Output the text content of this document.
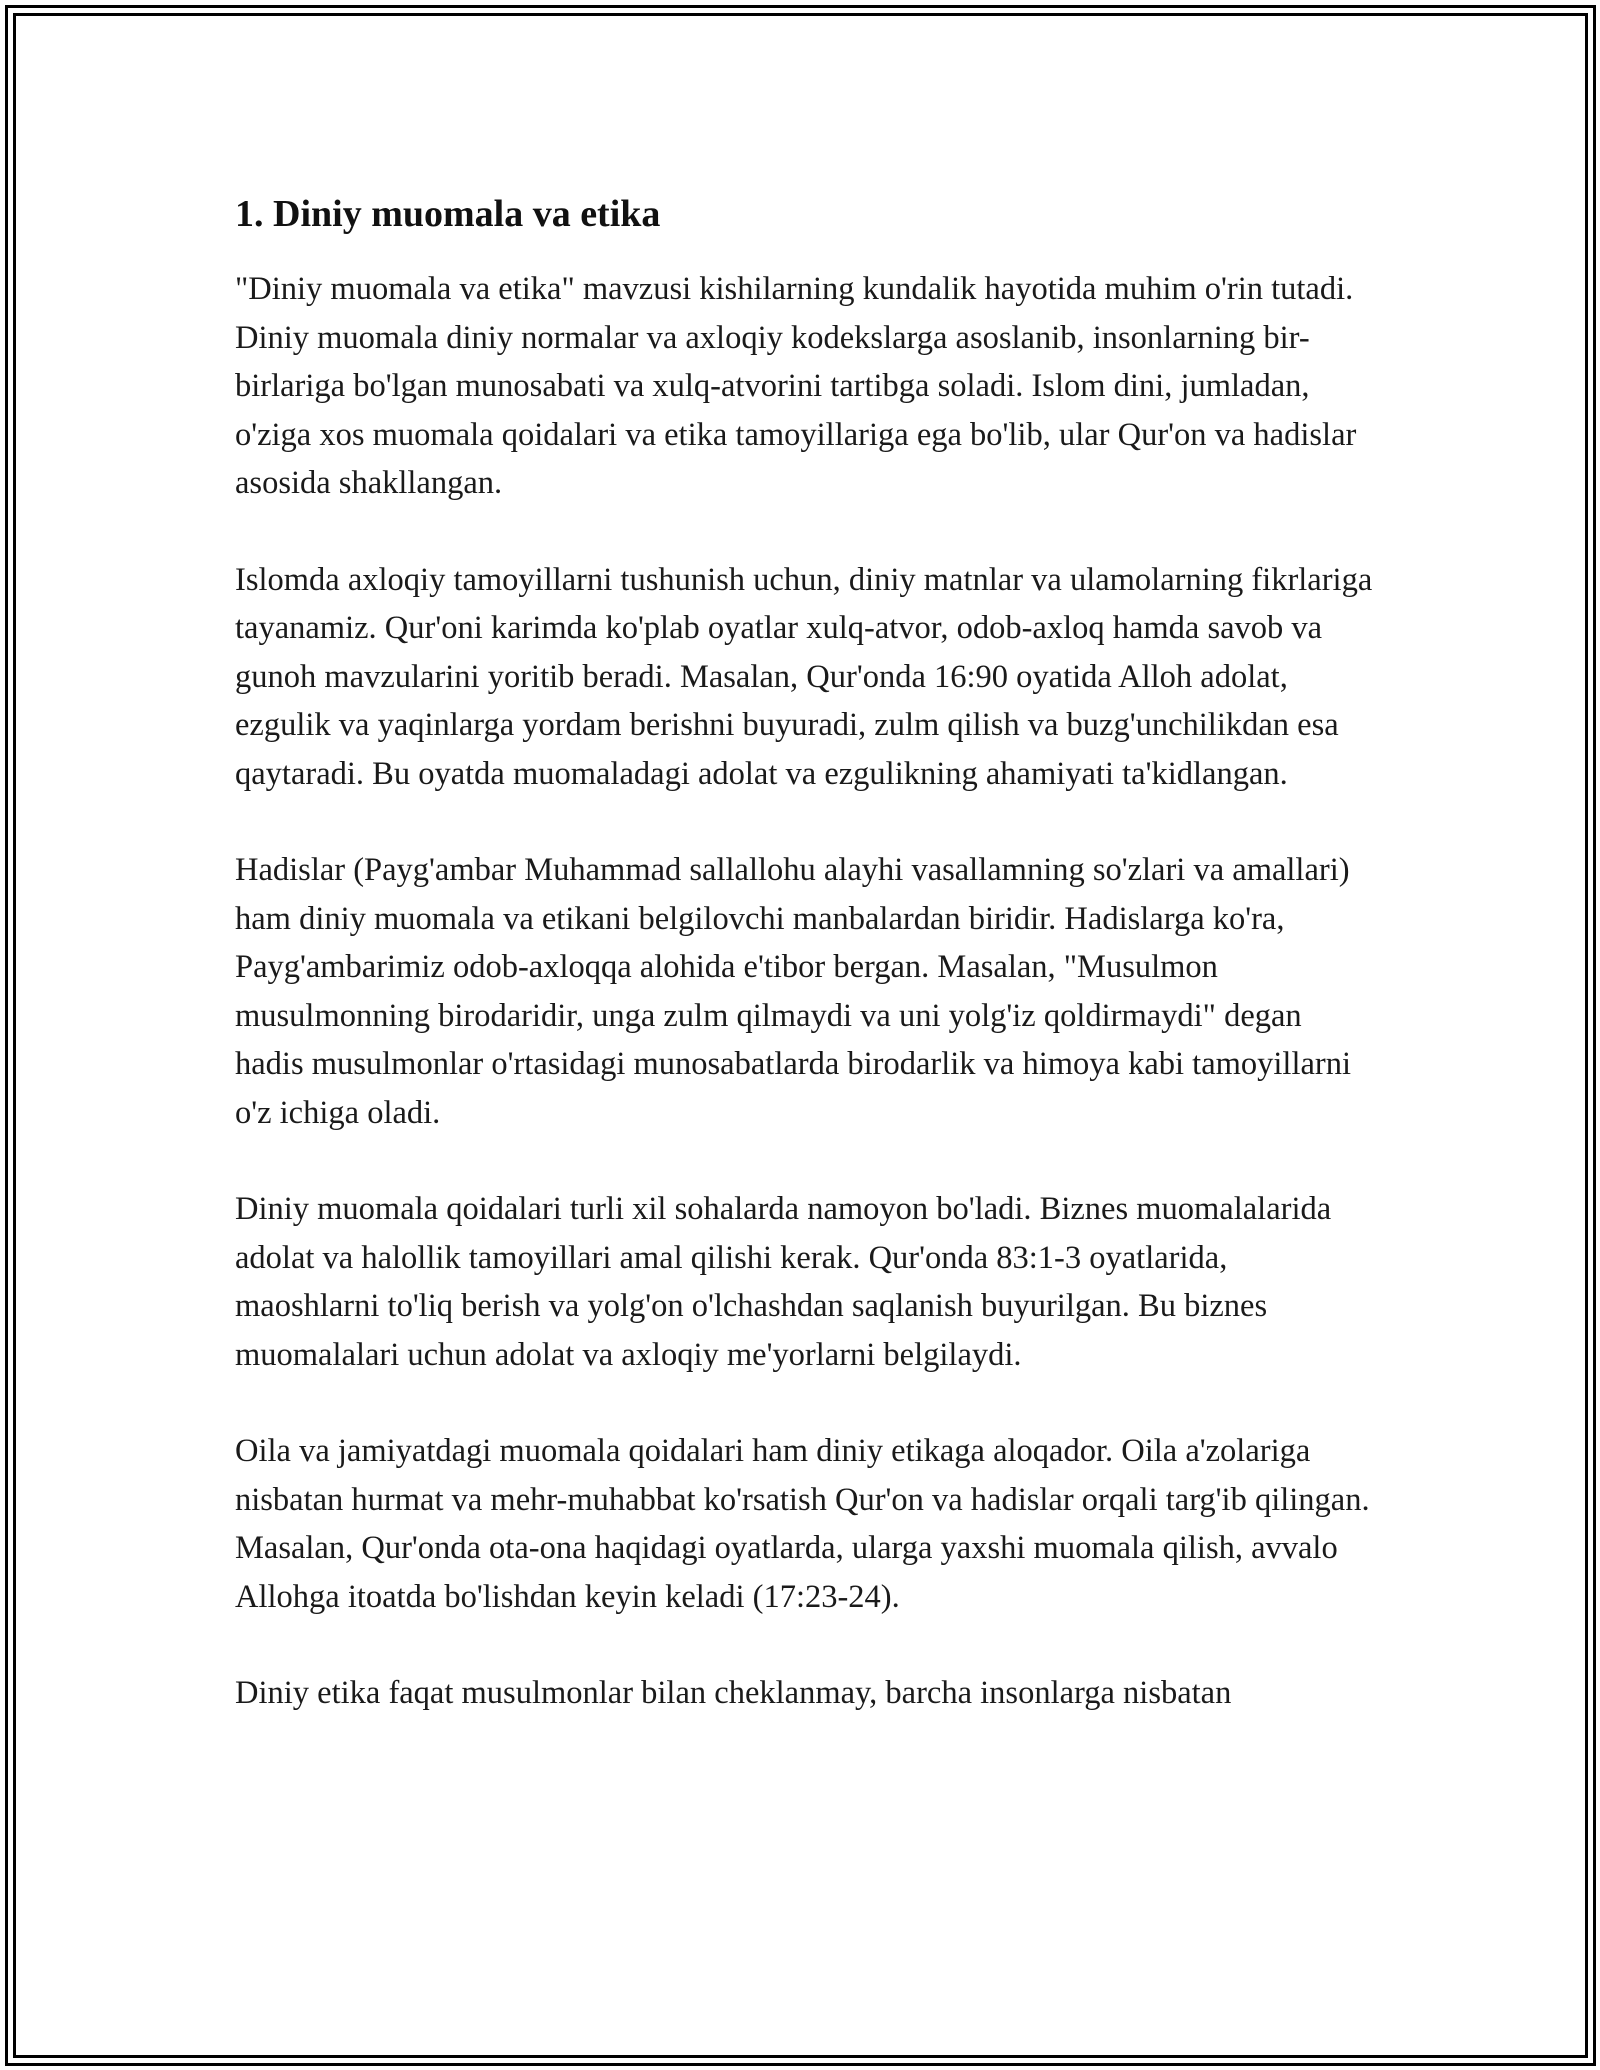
1. Diniy muomala va etika

"Diniy muomala va etika" mavzusi kishilarning kundalik hayotida muhim o'rin tutadi. Diniy muomala diniy normalar va axloqiy kodekslarga asoslanib, insonlarning bir-birlariga bo'lgan munosabati va xulq-atvorini tartibga soladi. Islom dini, jumladan, o'ziga xos muomala qoidalari va etika tamoyillariga ega bo'lib, ular Qur'on va hadislar asosida shakllangan.

Islomda axloqiy tamoyillarni tushunish uchun, diniy matnlar va ulamolarning fikrlariga tayanamiz. Qur'oni karimda ko'plab oyatlar xulq-atvor, odob-axloq hamda savob va gunoh mavzularini yoritib beradi. Masalan, Qur'onda 16:90 oyatida Alloh adolat, ezgulik va yaqinlarga yordam berishni buyuradi, zulm qilish va buzg'unchilikdan esa qaytaradi. Bu oyatda muomaladagi adolat va ezgulikning ahamiyati ta'kidlangan.

Hadislar (Payg'ambar Muhammad sallallohu alayhi vasallamning so'zlari va amallari) ham diniy muomala va etikani belgilovchi manbalardan biridir. Hadislarga ko'ra, Payg'ambarimiz odob-axloqqa alohida e'tibor bergan. Masalan, "Musulmon musulmonning birodaridir, unga zulm qilmaydi va uni yolg'iz qoldirmaydi" degan hadis musulmonlar o'rtasidagi munosabatlarda birodarlik va himoya kabi tamoyillarni o'z ichiga oladi.

Diniy muomala qoidalari turli xil sohalarda namoyon bo'ladi. Biznes muomalalarida adolat va halollik tamoyillari amal qilishi kerak. Qur'onda 83:1-3 oyatlarida, maoshlarni to'liq berish va yolg'on o'lchashdan saqlanish buyurilgan. Bu biznes muomalalari uchun adolat va axloqiy me'yorlarni belgilaydi.

Oila va jamiyatdagi muomala qoidalari ham diniy etikaga aloqador. Oila a'zolariga nisbatan hurmat va mehr-muhabbat ko'rsatish Qur'on va hadislar orqali targ'ib qilingan. Masalan, Qur'onda ota-ona haqidagi oyatlarda, ularga yaxshi muomala qilish, avvalo Allohga itoatda bo'lishdan keyin keladi (17:23-24).

Diniy etika faqat musulmonlar bilan cheklanmay, barcha insonlarga nisbatan
